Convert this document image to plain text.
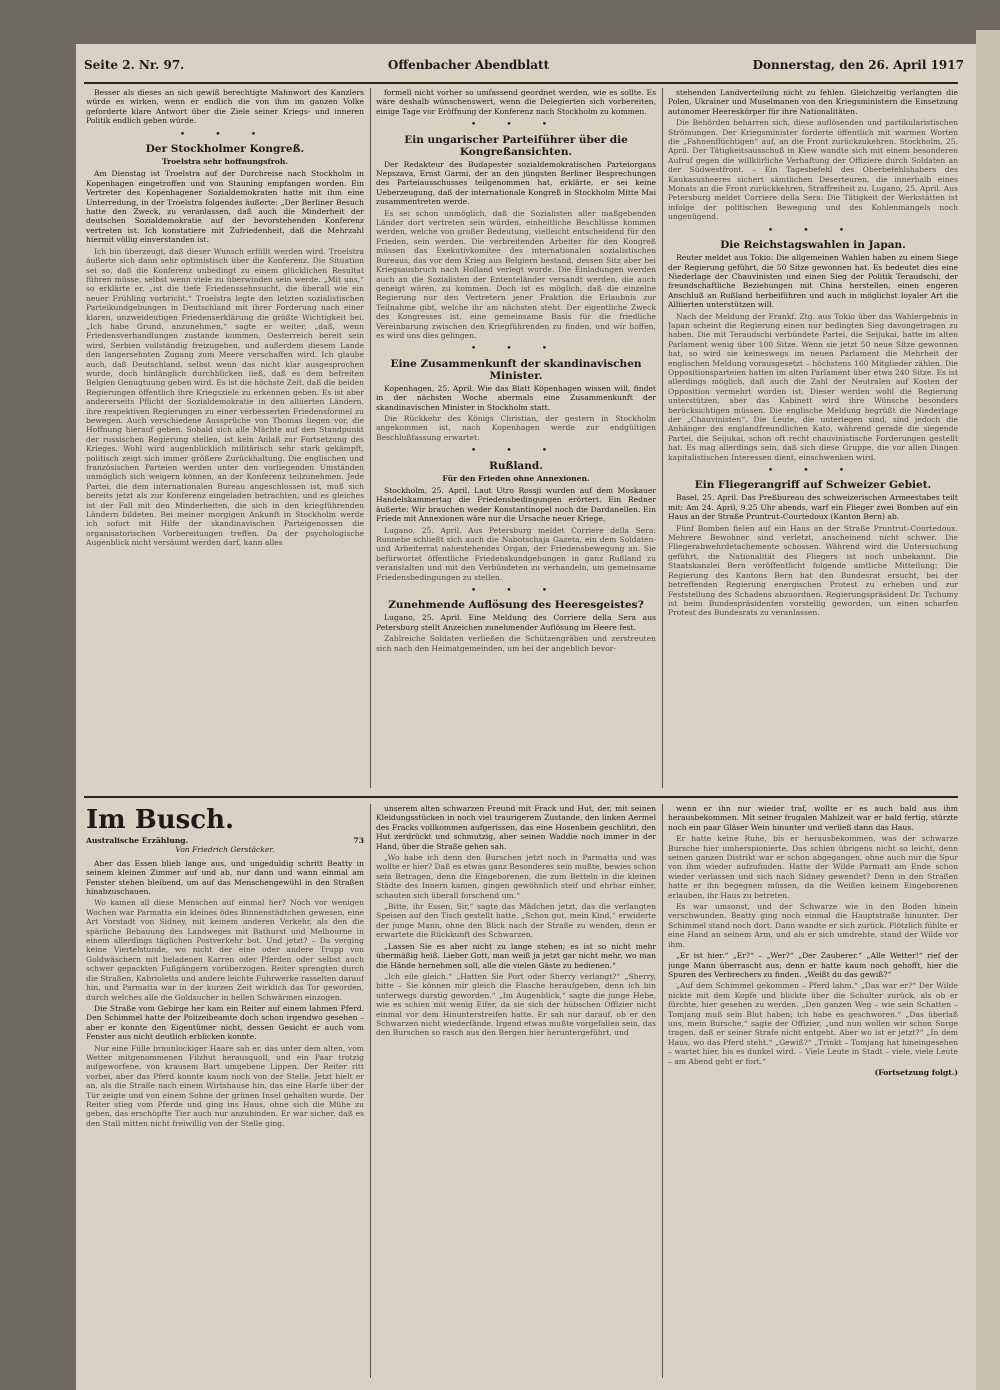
Seite 2. Nr. 97.	Offenbacher Abendblatt	Donnerstag, den 26. April 1917

Besser als dieses an sich gewiß berechtigte Mahnwort des Kanzlers würde es wirken, wenn er endlich die von ihm im ganzen Volke geforderte klare Antwort über die Ziele seiner Kriegs- und inneren Politik endlich geben würde.

• • •
Der Stockholmer Kongreß.
Troelstra sehr hoffnungsfroh.

Am Dienstag ist Troelstra auf der Durchreise nach Stockholm in Kopenhagen eingetroffen und von Stauning empfangen worden. Ein Vertreter des Kopenhagener Sozialdemokraten hatte mit ihm eine Unterredung, in der Troelstra folgendes äußerte: „Der Berliner Besuch hatte den Zweck, zu veranlassen, daß auch die Minderheit der deutschen Sozialdemokratie auf der bevorstehenden Konferenz vertreten ist. Ich konstatiere mit Zufriedenheit, daß die Mehrzahl hiermit völlig einverstanden ist.

Ich bin überzeugt, daß dieser Wunsch erfüllt werden wird. Troelstra äußerte sich dann sehr optimistisch über die Konferenz. Die Situation sei so, daß die Konferenz unbedingt zu einem glücklichen Resultat führen müsse, selbst wenn viele zu überwinden sein werde. „Mit uns,“ so erklärte er, „ist die tiefe Friedenssehnsucht, die überall wie ein neuer Frühling vorbricht.“ Troelstra legte den letzten sozialistischen Parteikundgebungen in Deutschland mit ihrer Forderung nach einer klaren, unzweideutigen Friedenserklärung die größte Wichtigkeit bei. „Ich habe Grund, anzunehmen,“ sagte er weiter, „daß, wenn Friedensverhandlungen zustande kommen, Oesterreich bereit sein wird, Serbien vollständig freizugeben, und außerdem diesem Lande den langersehnten Zugang zum Meere verschaffen wird. Ich glaube auch, daß Deutschland, selbst wenn das nicht klar ausgesprochen wurde, doch hinlänglich durchblicken ließ, daß es dem befreiten Belgien Genugtuung geben wird. Es ist die höchste Zeit, daß die beiden Regierungen öffentlich ihre Kriegsziele zu erkennen geben. Es ist aber andererseits Pflicht der Sozialdemokratie in den alliierten Ländern, ihre respektiven Regierungen zu einer verbesserten Friedensformel zu bewegen. Auch verschiedene Aussprüche von Thomas liegen vor, die Hoffnung hierauf geben. Sobald sich alle Mächte auf den Standpunkt der russischen Regierung stellen, ist kein Anlaß zur Fortsetzung des Krieges. Wohl wird augenblicklich militärisch sehr stark gekämpft, politisch zeigt sich immer größere Zurückhaltung. Die englischen und französischen Parteien werden unter den vorliegenden Umständen unmöglich sich weigern können, an der Konferenz teilzunehmen. Jede Partei, die dem internationalen Bureau angeschlossen ist, muß sich bereits jetzt als zur Konferenz eingeladen betrachten, und es gleiches ist der Fall mit den Minderheiten, die sich in den kriegführenden Ländern bildeten. Bei meiner morgigen Ankunft in Stockholm werde ich sofort mit Hilfe der skandinavischen Parteigenossen die organisatorischen Vorbereitungen treffen. Da der psychologische Augenblick nicht versäumt werden darf, kann alles

formell nicht vorher so umfassend geordnet werden, wie es sollte. Es wäre deshalb wünschenswert, wenn die Delegierten sich vorbereiten, einige Tage vor Eröffnung der Konferenz nach Stockholm zu kommen.

• • •
Ein ungarischer Parteiführer über die Kongreßansichten.

Der Redakteur des Budapester sozialdemokratischen Parteiorgans Nepszava, Ernst Garmi, der an den jüngsten Berliner Besprechungen des Parteiausschusses teilgenommen hat, erklärte, er sei keine Ueberzeugung, daß der internationale Kongreß in Stockholm Mitte Mai zusammentreten werde.

Es sei schon unmöglich, daß die Sozialisten aller maßgebenden Länder dort vertreten sein würden, einheitliche Beschlüsse kommen werden, welche von großer Bedeutung, vielleicht entscheidend für den Frieden, sein werden. Die verbreitenden Arbeiter für den Kongreß müssen das Exekutivkomitee des internationalen sozialistischen Bureaus, das vor dem Krieg aus Belgiern bestand, dessen Sitz aber bei Kriegsausbruch nach Holland verlegt wurde. Die Einladungen werden auch an die Sozialisten der Ententeländer versandt werden, die auch geneigt wären, zu kommen. Doch ist es möglich, daß die einzelne Regierung nur den Vertretern jener Fraktion die Erlaubnis zur Teilnahme gibt, welche ihr am nächsten steht. Der eigentliche Zweck des Kongresses ist, eine gemeinsame Basis für die friedliche Vereinbarung zwischen den Kriegführenden zu finden, und wir hoffen, es wird uns dies gelingen.

• • •
Eine Zusammenkunft der skandinavischen Minister.

Kopenhagen, 25. April. Wie das Blatt Köpenhagen wissen will, findet in der nächsten Woche abermals eine Zusammenkunft der skandinavischen Minister in Stockholm statt.

Die Rückkehr des Königs Christian, der gestern in Stockholm angekommen ist, nach Kopenhagen werde zur endgültigen Beschlußfassung erwartet.

• • •
Rußland.
Für den Frieden ohne Annexionen.

Stockholm, 25. April. Laut Utro Rossji wurden auf dem Moskauer Handelskammertag die Friedensbedingungen erörtert. Ein Redner äußerte: Wir brauchen weder Konstantinopel noch die Dardanellen. Ein Friede mit Annexionen wäre nur die Ursache neuer Kriege.

Lugano, 25. April. Aus Petersburg meldet Corriere della Sera: Runnebe schließt sich auch die Nabotschaja Gazeta, ein dem Soldaten- und Arbeiterrat nahestehendes Organ, der Friedensbewegung an. Sie befürwortet öffentliche Friedenskundgebungen in ganz Rußland zu veranstalten und mit den Verbündeten zu verhandeln, um gemeinsame Friedensbedingungen zu stellen.

• • •
Zunehmende Auflösung des Heeresgeistes?

Lugano, 25. April. Eine Meldung des Corriere della Sera aus Petersburg stellt Anzeichen zunehmender Auflösung im Heere fest.

Zahlreiche Soldaten verließen die Schützengräben und zerstreuten sich nach den Heimatgemeinden, um bei der angeblich bevor-

stehenden Landverteilung nicht zu fehlen. Gleichzeitig verlangten die Polen, Ukrainer und Muselmanen von den Kriegsministern die Einsetzung autonomer Heereskörper für ihre Nationalitäten.

Die Behörden beharren sich, diese auflösenden und partikularistischen Strömungen. Der Kriegsminister forderte öffentlich mit warmen Worten die „Fahnenflüchtigen“ auf, an die Front zurückzukehren. Stockholm, 25. April. Der Tätigkeitsausschuß in Kiew wandte sich mit einem besonderen Aufruf gegen die willkürliche Verhaftung der Offiziere durch Soldaten an der Südwestfront. – Ein Tagesbefehl des Oberbefehlshabers des Kaukasusheeres sichert sämtlichen Deserteuren, die innerhalb eines Monats an die Front zurückkehren, Straffreiheit zu. Lugano, 25. April. Aus Petersburg meldet Corriere della Sera: Die Tätigkeit der Werkstätten ist infolge der politischen Bewegung und des Kohlenmangels noch ungenügend.

• • •
Die Reichstagswahlen in Japan.

Reuter meldet aus Tokio: Die allgemeinen Wahlen haben zu einem Siege der Regierung geführt, die 50 Sitze gewonnen hat. Es bedeutet dies eine Niederlage der Chauvinisten und einen Sieg der Politik Teraudschi, der freundschaftliche Beziehungen mit China herstellen, einen engeren Anschluß an Rußland herbeiführen und auch in möglichst loyaler Art die Alliierten unterstützen will.

Nach der Meldung der Frankf. Ztg. aus Tokio über das Wahlergebnis in Japan scheint die Regierung einen nur bedingten Sieg davongetragen zu haben. Die mit Teraudschi verbündete Partei, die Seijukai, hatte im alten Parlament wenig über 100 Sitze. Wenn sie jetzt 50 neue Sitze gewonnen hat, so wird sie keineswegs im neuen Parlament die Mehrheit der englischen Meldung vorausgesetzt – höchstens 160 Mitglieder zählen. Die Oppositionsparteien hatten im alten Parlament über etwa 240 Sitze. Es ist allerdings möglich, daß auch die Zahl der Neutralen auf Kosten der Opposition vermehrt worden ist. Dieser werden wohl die Regierung unterstützen, aber das Kabinett wird ihre Wünsche besonders berücksichtigen müssen. Die englische Meldung begrüßt die Niederlage der „Chauvinisten“. Die Leute, die unterlegen sind, sind jedoch die Anhänger des englandfreundlichen Kato, während gerade die siegende Partei, die Seijukai, schon oft recht chauvinistische Forderungen gestellt hat. Es mag allerdings sein, daß sich diese Gruppe, die vor allen Dingen kapitalistischen Interessen dient, einschwenken wird.

• • •
Ein Fliegerangriff auf Schweizer Gebiet.

Basel, 25. April. Das Preßbureau des schweizerischen Armeestabes teilt mit: Am 24. April, 9.25 Uhr abends, warf ein Flieger zwei Bomben auf ein Haus an der Straße Pruntrut–Courtedoux (Kanton Bern) ab.

Fünf Bomben fielen auf ein Haus an der Straße Pruntrut–Courtedoux. Mehrere Bewohner sind verletzt, anscheinend nicht schwer. Die Fliegerabwehrdetachemente schossen. Während wird die Untersuchung geführt, die Nationalität des Fliegers ist noch unbekannt. Die Staatskanzlei Bern veröffentlicht folgende amtliche Mitteilung: Die Regierung des Kantons Bern hat den Bundesrat ersucht, bei der betreffenden Regierung energischen Protest zu erheben und zur Feststellung des Schadens abzuordnen. Regierungspräsident Dr. Tschumy ist beim Bundespräsidenten vorstellig geworden, um einen scharfen Protest des Bundesrats zu veranlassen.

Im Busch.
Australische Erzählung.	73
Von Friedrich Gerstäcker.

Aber das Essen blieb lange aus, und ungeduldig schritt Beatty in seinem kleinen Zimmer auf und ab, nur dann und wann einmal am Fenster stehen bleibend, um auf das Menschengewühl in den Straßen hinabzuschauen.

Wo kamen all diese Menschen auf einmal her? Noch vor wenigen Wochen war Parmatta ein kleines ödes Binnenstädtchen gewesen, eine Art Vorstadt von Sidney, mit keinem anderen Verkehr, als den die spärliche Bebauung des Landweges mit Bathurst und Melbourne in einem allerdings täglichen Postverkehr bot. Und jetzt? – Da verging keine Viertelstunde, wo nicht der eine oder andere Trupp von Goldwäschern mit beladenen Karren oder Pferden oder selbst auch schwer gepackten Fußgängern vorüberzogen. Reiter sprengten durch die Straßen, Kabrioletts und andere leichte Fuhrwerke rasselten darauf hin, und Parmatta war in der kurzen Zeit wirklich das Tor geworden, durch welches alle die Goldsucher in hellen Schwärmen einzogen.

Die Straße vom Gebirge her kam ein Reiter auf einem lahmen Pferd. Den Schimmel hatte der Polizeibeamte doch schon irgendwo gesehen – aber er konnte den Eigentümer nicht, dessen Gesicht er auch vom Fenster aus nicht deutlich erblicken konnte.

Nur eine Fülle braunlockiger Haare sah er, das unter dem alten, vom Wetter mitgenommenen Filzhut herausquoll, und ein Paar trotzig aufgeworfene, von krausem Bart umgebene Lippen. Der Reiter ritt vorbei, aber das Pferd konnte kaum noch von der Stelle. Jetzt hielt er an, als die Straße nach einem Wirtshause hin, das eine Harfe über der Tür zeigte und von einem Sohne der grünen Insel gehalten wurde. Der Reiter stieg vom Pferde und ging ins Haus, ohne sich die Mühe zu geben, das erschöpfte Tier auch nur anzubinden. Er war sicher, daß es den Stall mitten nicht freiwillig von der Stelle ging.

unserem alten schwarzen Freund mit Frack und Hut, der, mit seinen Kleidungsstücken in noch viel traurigerem Zustande, den linken Aermel des Fracks vollkommen aufgerissen, das eine Hosenbein geschlitzt, den Hut zerdrückt und schmutzig, aber seinen Waddie noch immer in der Hand, über die Straße gehen sah.

„Wo habe ich denn den Burschen jetzt noch in Parmatta und was wollte er hier? Daß es etwas ganz Besonderes sein mußte, bewies schon sein Betragen, denn die Eingeborenen, die zum Betteln in die kleinen Städte des Innern kamen, gingen gewöhnlich steif und ehrbar einher, schauten sich überall forschend um.“

„Bitte, ihr Essen, Sir,“ sagte das Mädchen jetzt, das die verlangten Speisen auf den Tisch gestellt hatte. „Schon gut, mein Kind,“ erwiderte der junge Mann, ohne den Blick nach der Straße zu wenden, denn er erwartete die Rückkunft des Schwarzen.

„Lassen Sie es aber nicht zu lange stehen; es ist so nicht mehr übermäßig heiß. Lieber Gott, man weiß ja jetzt gar nicht mehr, wo man die Hände hernehmen soll, alle die vielen Gäste zu bedienen.“

„Ich eile gleich.“ „Hatten Sie Port oder Sherry verlangt?“ „Sherry, bitte – Sie können mir gleich die Flasche heraufgeben, denn ich bin unterwegs durstig geworden.“ „Im Augenblick,“ sagte die junge Hebe, wie es schien mit wenig Eifer, da sie sich der hübschen Offizier nicht einmal vor dem Hinunterstreifen hatte. Er sah nur darauf, ob er den Schwarzen nicht wiederfände. Irgend etwas mußte vorgefallen sein, das den Burschen so rasch aus den Bergen hier heruntergeführt, und

wenn er ihn nur wieder traf, wollte er es auch bald aus ihm herausbekommen. Mit seiner frugalen Mahlzeit war er bald fertig, stürzte noch ein paar Gläser Wein hinunter und verließ dann das Haus.

Er hatte keine Ruhe, bis er herausbekommen, was der schwarze Bursche hier umherspionierte. Das schien übrigens nicht so leicht, denn seinen ganzen Distrikt war er schon abgegangen, ohne auch nur die Spur von ihm wieder aufzufinden. Hatte der Wilde Parmatt am Ende schon wieder verlassen und sich nach Sidney gewendet? Denn in den Straßen hatte er ihn begegnen müssen, da die Weißen keinem Eingeborenen erlauben, ihr Haus zu betreten.

Es war umsonst, und der Schwarze wie in den Boden hinein verschwunden. Beatty ging noch einmal die Hauptstraße hinunter. Der Schimmel stand noch dort. Dann wandte er sich zurück. Plötzlich fühlte er eine Hand an seinem Arm, und als er sich umdrehte, stand der Wilde vor ihm.

„Er ist hier.“ „Er?“ – „Wer?“ „Der Zauberer.“ „Alle Wetter!“ rief der junge Mann überrascht aus, denn er hatte kaum noch gehofft, hier die Spuren des Verbrechers zu finden. „Weißt du das gewiß?“

„Auf dem Schimmel gekommen – Pferd lahm.“ „Das war er?“ Der Wilde nickte mit dem Kopfe und blickte über die Schulter zurück, als ob er fürchte, hier gesehen zu werden. „Den ganzen Weg – wie sein Schatten – Tomjang muß sein Blut haben; ich habe es geschworen.“ „Das überlaß uns, mein Bursche,“ sagte der Offizier, „und nun wollen wir schon Sorge tragen, daß er seiner Strafe nicht entgeht. Aber wo ist er jetzt?“ „In dem Haus, wo das Pferd steht.“ „Gewiß?“ „Trinkt – Tomjang hat hineingesehen – wartet hier, bis es dunkel wird. – Viele Leute in Stadt – viele, viele Leute – am Abend geht er fort.“

(Fortsetzung folgt.)
